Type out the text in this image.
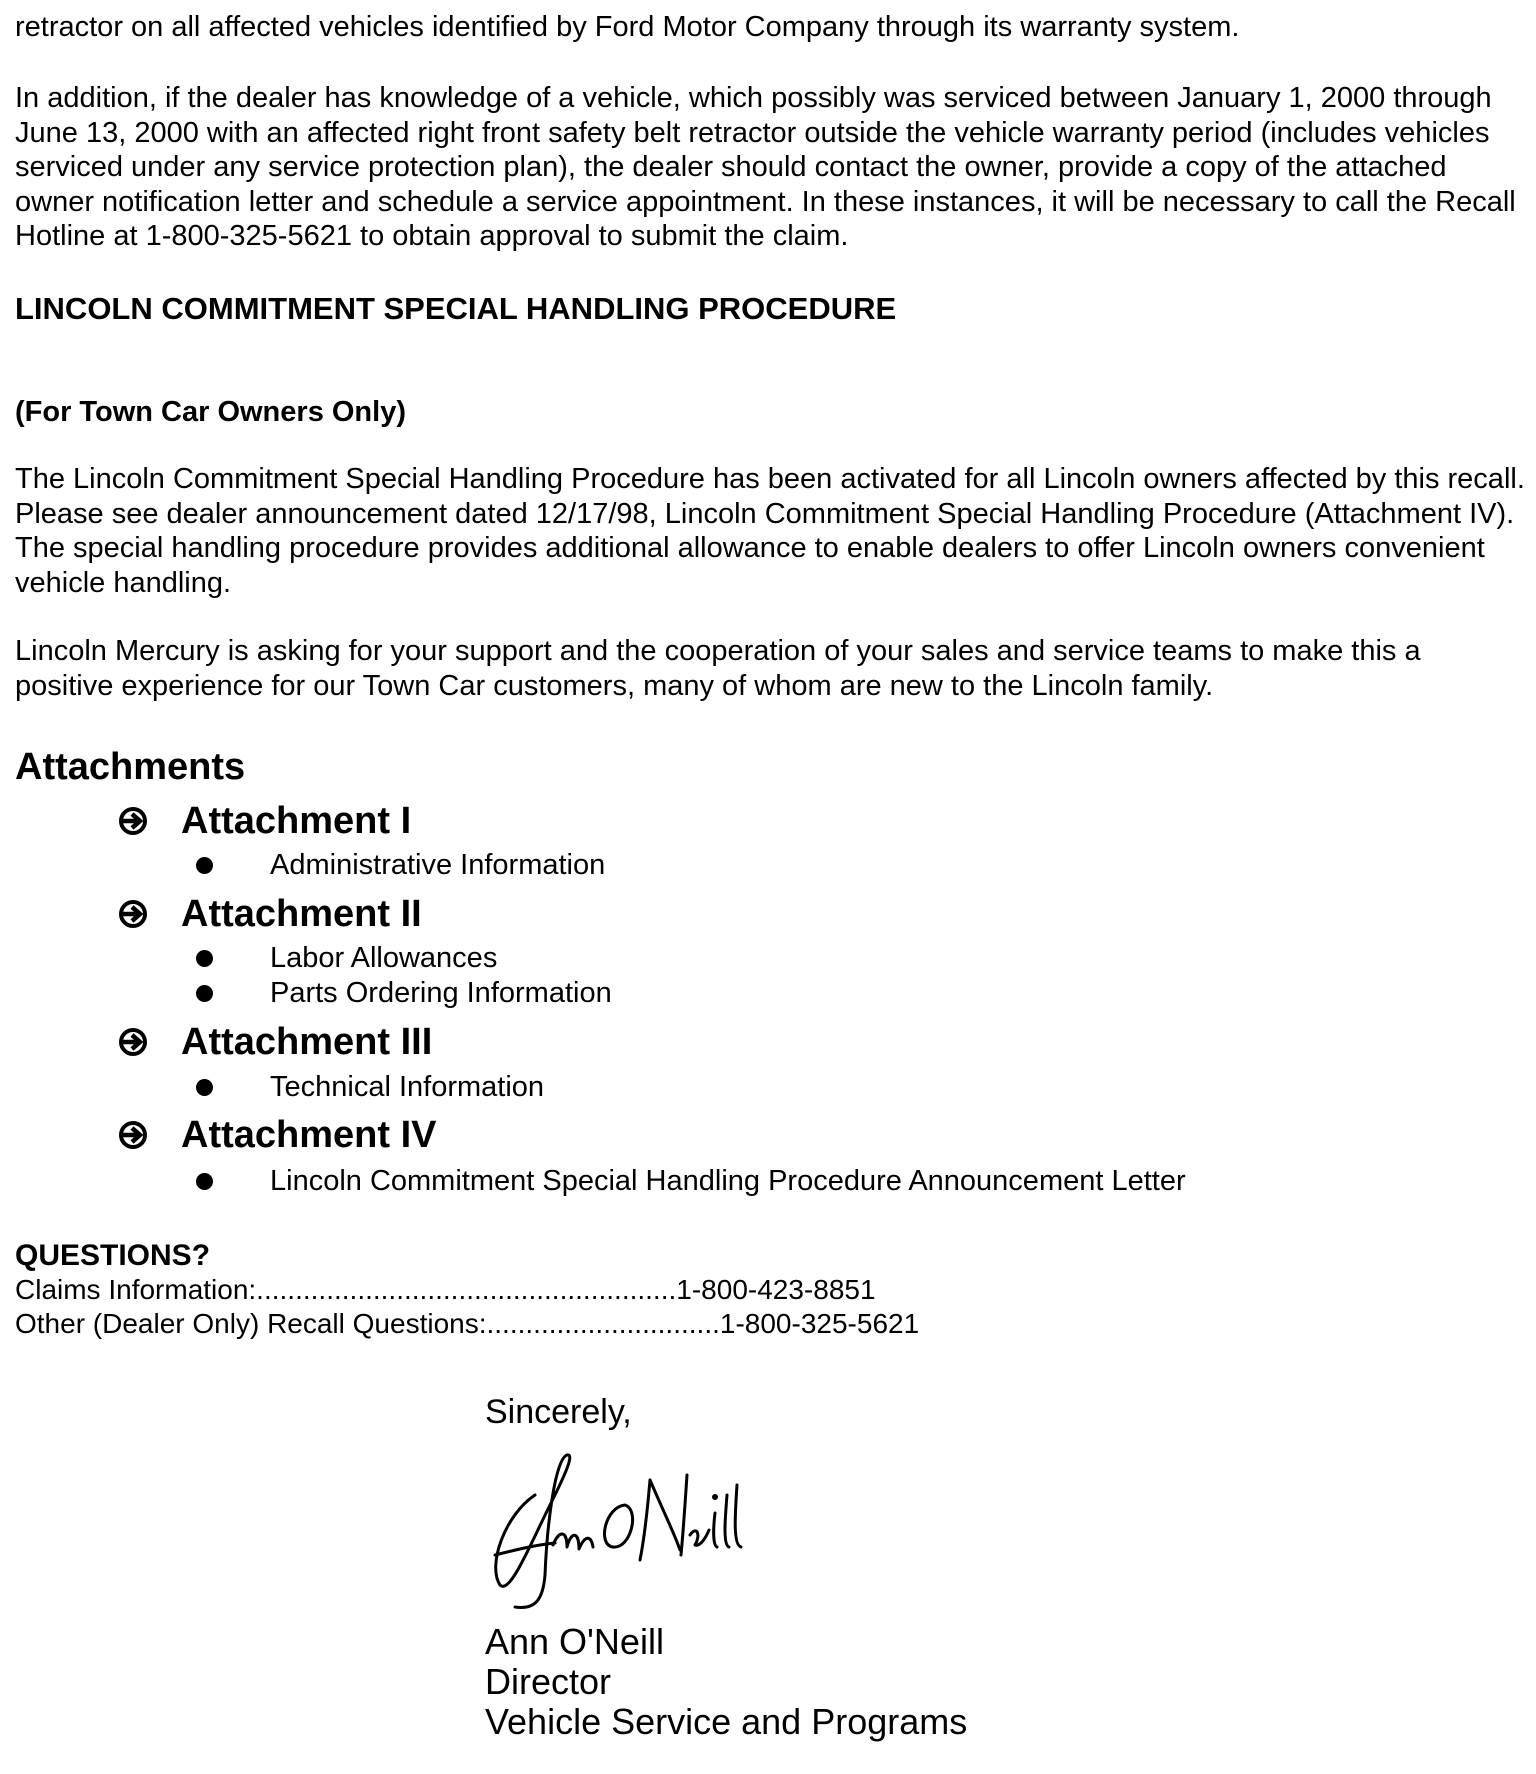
retractor on all affected vehicles identified by Ford Motor Company through its warranty system.

In addition, if the dealer has knowledge of a vehicle, which possibly was serviced between January 1, 2000 through June 13, 2000 with an affected right front safety belt retractor outside the vehicle warranty period (includes vehicles serviced under any service protection plan), the dealer should contact the owner, provide a copy of the attached owner notification letter and schedule a service appointment. In these instances, it will be necessary to call the Recall Hotline at 1-800-325-5621 to obtain approval to submit the claim.

LINCOLN COMMITMENT SPECIAL HANDLING PROCEDURE
(For Town Car Owners Only)

The Lincoln Commitment Special Handling Procedure has been activated for all Lincoln owners affected by this recall. Please see dealer announcement dated 12/17/98, Lincoln Commitment Special Handling Procedure (Attachment IV). The special handling procedure provides additional allowance to enable dealers to offer Lincoln owners convenient vehicle handling.

Lincoln Mercury is asking for your support and the cooperation of your sales and service teams to make this a positive experience for our Town Car customers, many of whom are new to the Lincoln family.

Attachments
Attachment I
Administrative Information
Attachment II
Labor Allowances
Parts Ordering Information
Attachment III
Technical Information
Attachment IV
Lincoln Commitment Special Handling Procedure Announcement Letter
QUESTIONS?
Claims Information:......................................................1-800-423-8851
Other (Dealer Only) Recall Questions:..............................1-800-325-5621
Sincerely,
Ann O'Neill
Director
Vehicle Service and Programs
